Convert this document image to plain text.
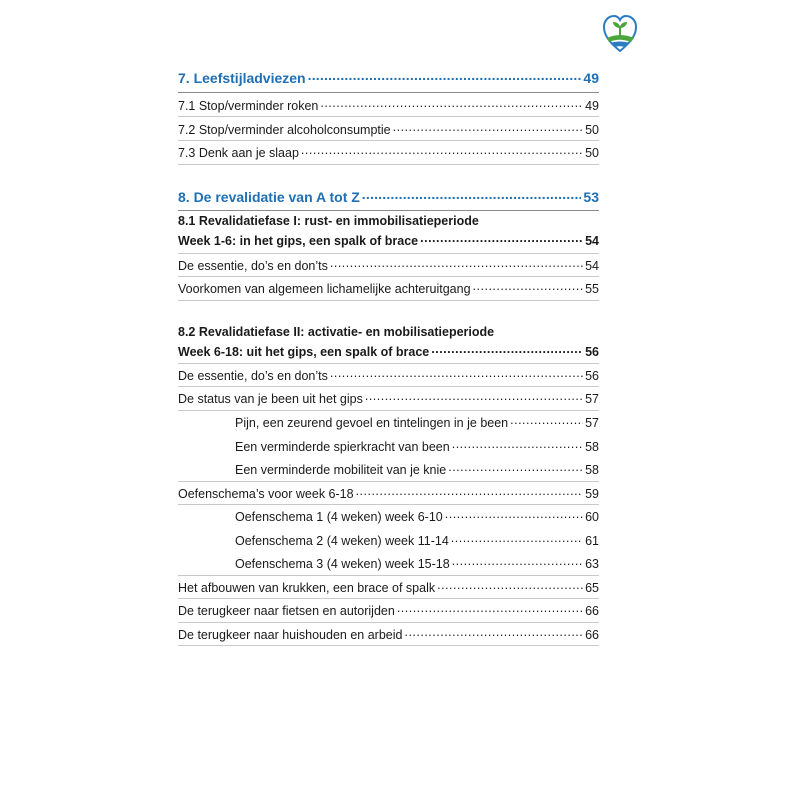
7. Leefstijladviezen .....	49
7.1 Stop/verminder roken .....	49
7.2 Stop/verminder alcoholconsumptie .....	50
7.3 Denk aan je slaap .....	50
8. De revalidatie van A tot Z .....	53
8.1 Revalidatiefase I: rust- en immobilisatieperiode
Week 1-6: in het gips, een spalk of brace .....	54
De essentie, do’s en don’ts .....	54
Voorkomen van algemeen lichamelijke achteruitgang .....	55
8.2 Revalidatiefase II: activatie- en mobilisatieperiode
Week 6-18: uit het gips, een spalk of brace .....	56
De essentie, do’s en don’ts .....	56
De status van je been uit het gips .....	57
Pijn, een zeurend gevoel en tintelingen in je been .....	57
Een verminderde spierkracht van been .....	58
Een verminderde mobiliteit van je knie .....	58
Oefenschema’s voor week 6-18 .....	59
Oefenschema 1 (4 weken) week 6-10 .....	60
Oefenschema 2 (4 weken) week 11-14 .....	61
Oefenschema 3 (4 weken) week 15-18 .....	63
Het afbouwen van krukken, een brace of spalk .....	65
De terugkeer naar fietsen en autorijden .....	66
De terugkeer naar huishouden en arbeid .....	66
